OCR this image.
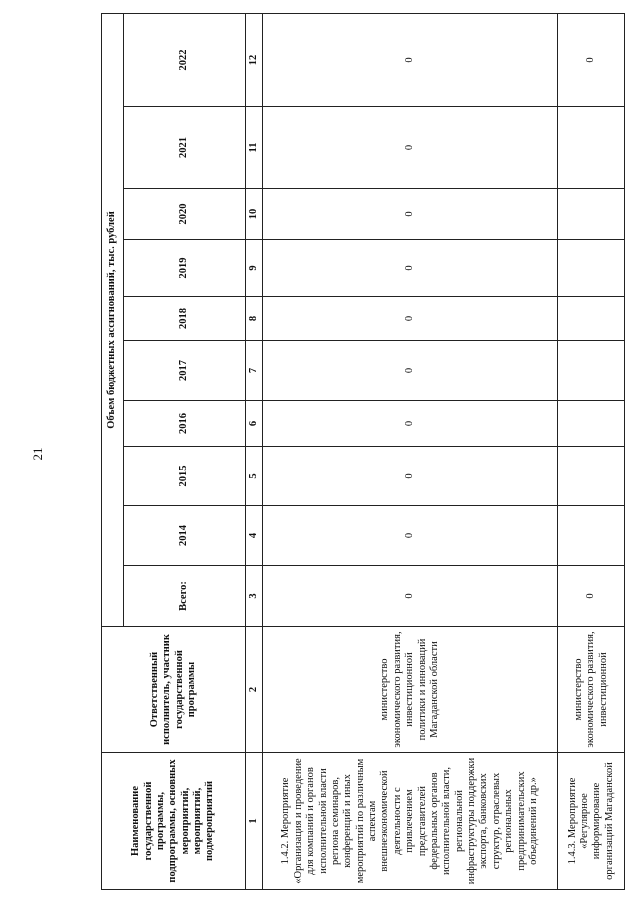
21
Наименование государственной программы, подпрограммы, основных мероприятий, мероприятий, подмероприятий	Ответственный исполнитель, участник государственной программы	Объем бюджетных ассигнований, тыс. рублей									
		Всего:	2014	2015	2016	2017	2018	2019	2020	2021	2022
1	2	3	4	5	6	7	8	9	10	11	12
1.4.2. Мероприятие «Организация и проведение для компаний и органов исполнительной власти региона семинаров, конференций и иных мероприятий по различным аспектам внешнеэкономической деятельности с привлечением представителей федеральных органов исполнительной власти, региональной инфраструктуры поддержки экспорта, банковских структур, отраслевых региональных предпринимательских объединений и др.»	министерство экономического развития, инвестиционной политики и инноваций Магаданской области	0	0	0	0	0	0	0	0	0	0
1.4.3. Мероприятие «Регулярное информирование организаций Магаданской	министерство экономического развития, инвестиционной	0									0
